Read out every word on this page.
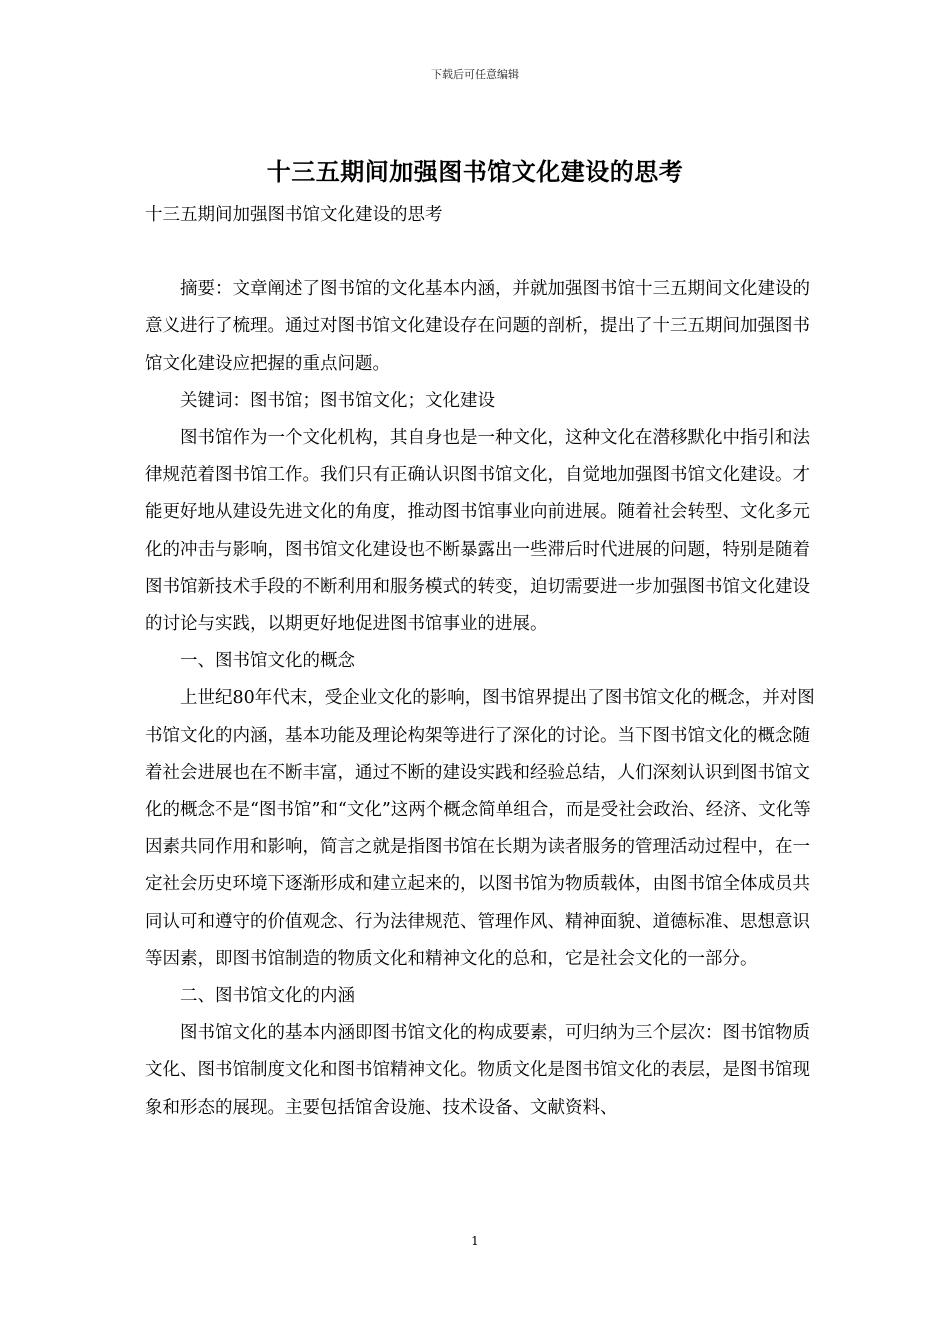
下载后可任意编辑
十三五期间加强图书馆文化建设的思考

十三五期间加强图书馆文化建设的思考

摘要：文章阐述了图书馆的文化基本内涵，并就加强图书馆十三五期间文化建设的意义进行了梳理。通过对图书馆文化建设存在问题的剖析，提出了十三五期间加强图书馆文化建设应把握的重点问题。

关键词：图书馆；图书馆文化；文化建设

图书馆作为一个文化机构，其自身也是一种文化，这种文化在潜移默化中指引和法律规范着图书馆工作。我们只有正确认识图书馆文化，自觉地加强图书馆文化建设。才能更好地从建设先进文化的角度，推动图书馆事业向前进展。随着社会转型、文化多元化的冲击与影响，图书馆文化建设也不断暴露出一些滞后时代进展的问题，特别是随着图书馆新技术手段的不断利用和服务模式的转变，迫切需要进一步加强图书馆文化建设的讨论与实践，以期更好地促进图书馆事业的进展。

一、图书馆文化的概念

上世纪80年代末，受企业文化的影响，图书馆界提出了图书馆文化的概念，并对图书馆文化的内涵，基本功能及理论构架等进行了深化的讨论。当下图书馆文化的概念随着社会进展也在不断丰富，通过不断的建设实践和经验总结，人们深刻认识到图书馆文化的概念不是“图书馆”和“文化”这两个概念简单组合，而是受社会政治、经济、文化等因素共同作用和影响，简言之就是指图书馆在长期为读者服务的管理活动过程中，在一定社会历史环境下逐渐形成和建立起来的，以图书馆为物质载体，由图书馆全体成员共同认可和遵守的价值观念、行为法律规范、管理作风、精神面貌、道德标准、思想意识等因素，即图书馆制造的物质文化和精神文化的总和，它是社会文化的一部分。

二、图书馆文化的内涵

图书馆文化的基本内涵即图书馆文化的构成要素，可归纳为三个层次：图书馆物质文化、图书馆制度文化和图书馆精神文化。物质文化是图书馆文化的表层，是图书馆现象和形态的展现。主要包括馆舍设施、技术设备、文献资料、

1
